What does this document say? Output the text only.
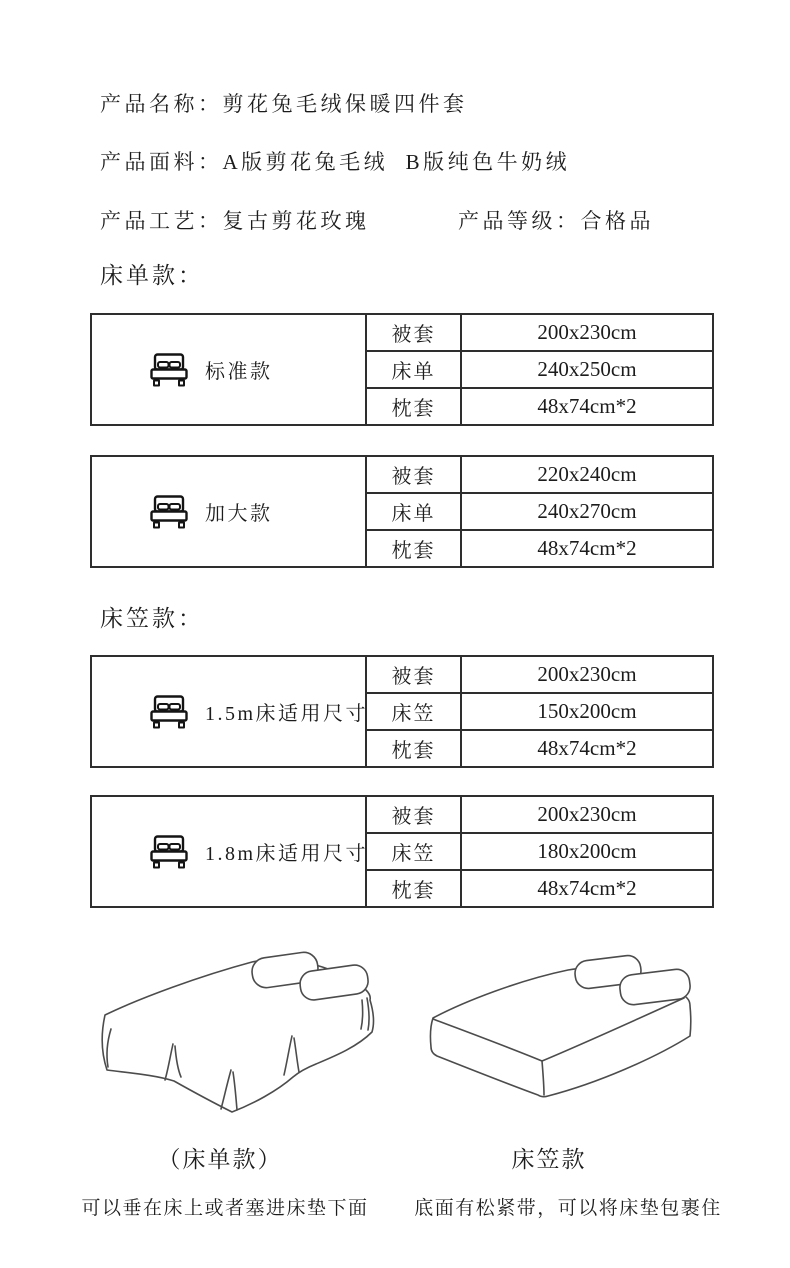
产品名称：剪花兔毛绒保暖四件套
产品面料：A版剪花兔毛绒  B版纯色牛奶绒
产品工艺：复古剪花玫瑰	产品等级：合格品
床单款：
标准款	被套	200x230cm
	床单	240x250cm
	枕套	48x74cm*2
加大款	被套	220x240cm
	床单	240x270cm
	枕套	48x74cm*2
床笠款：
1.5m床适用尺寸	被套	200x230cm
	床笠	150x200cm
	枕套	48x74cm*2
1.8m床适用尺寸	被套	200x230cm
	床笠	180x200cm
	枕套	48x74cm*2
（床单款）	床笠款
可以垂在床上或者塞进床垫下面	底面有松紧带，可以将床垫包裹住
